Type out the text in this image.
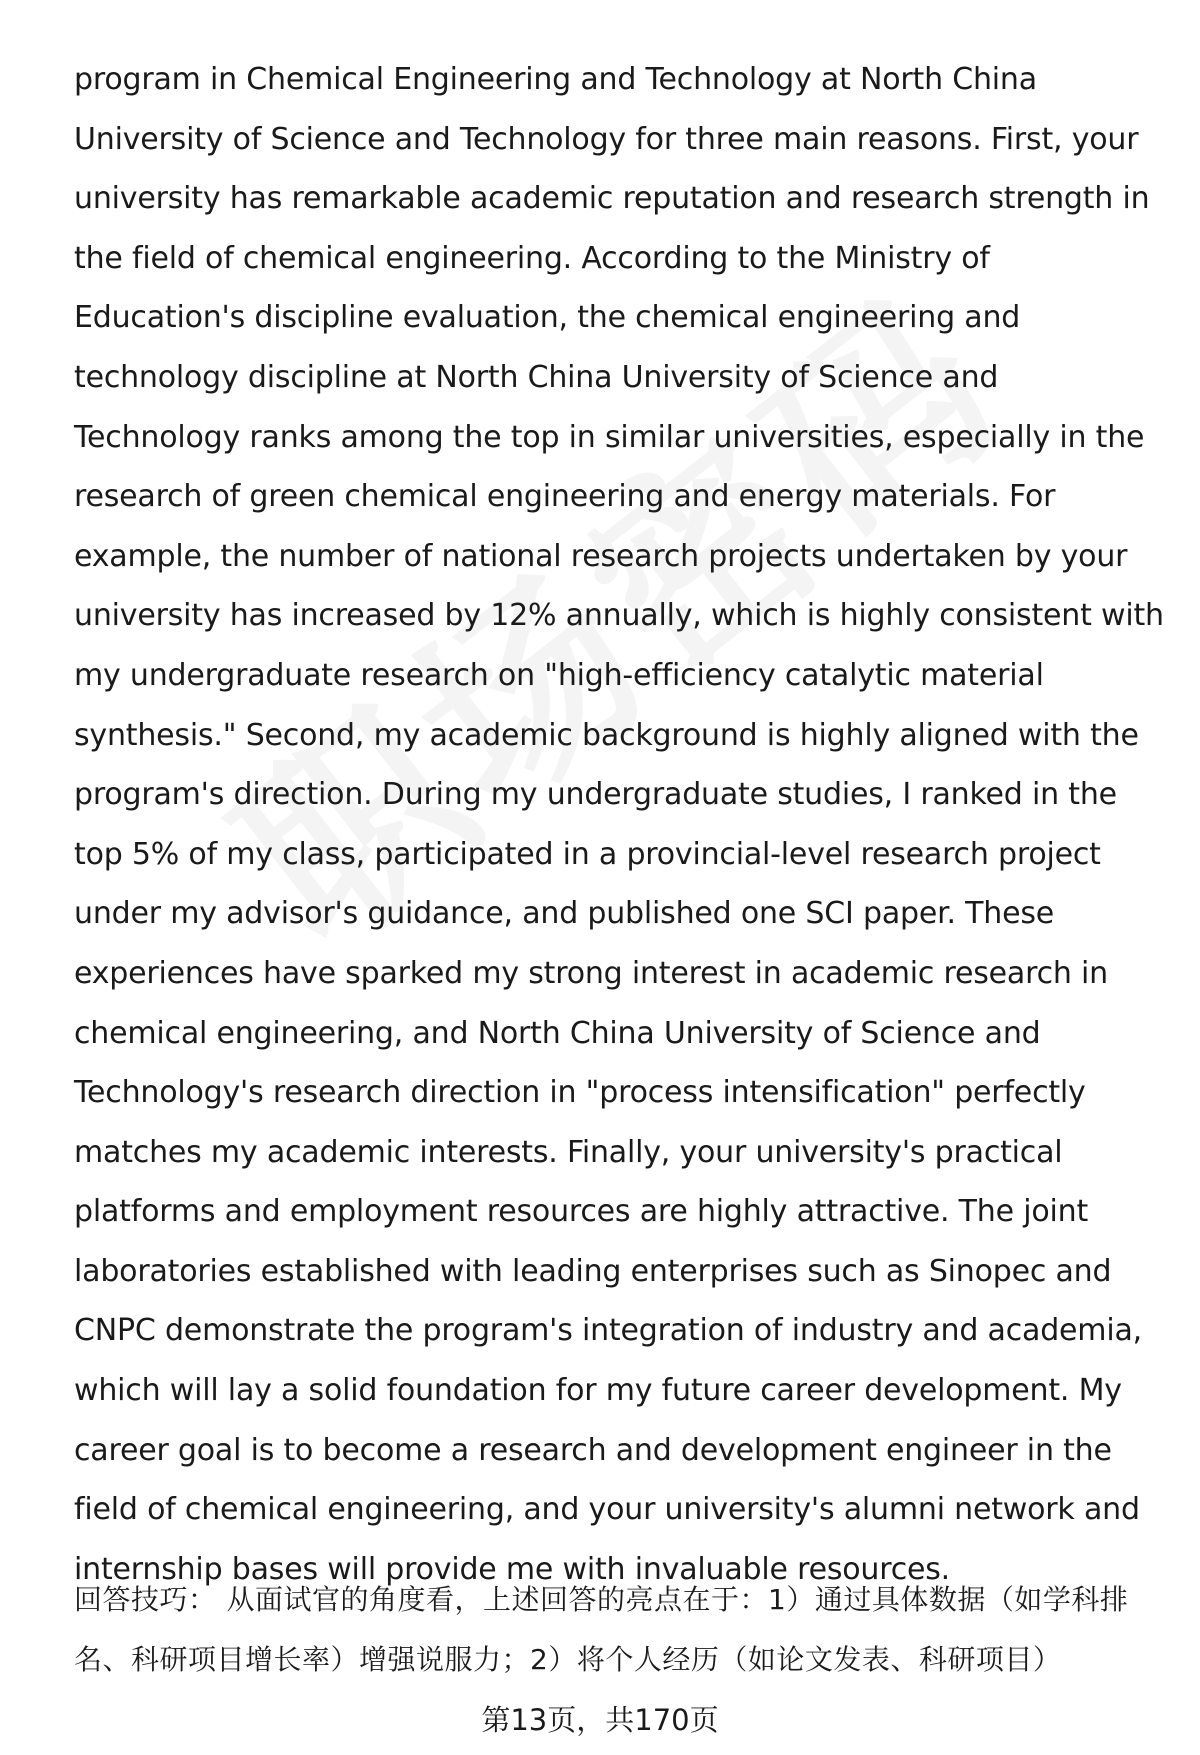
program in Chemical Engineering and Technology at North China University of Science and Technology for three main reasons. First, your university has remarkable academic reputation and research strength in the field of chemical engineering. According to the Ministry of Education's discipline evaluation, the chemical engineering and technology discipline at North China University of Science and Technology ranks among the top in similar universities, especially in the research of green chemical engineering and energy materials. For example, the number of national research projects undertaken by your university has increased by 12% annually, which is highly consistent with my undergraduate research on "high-efficiency catalytic material synthesis." Second, my academic background is highly aligned with the program's direction. During my undergraduate studies, I ranked in the top 5% of my class, participated in a provincial-level research project under my advisor's guidance, and published one SCI paper. These experiences have sparked my strong interest in academic research in chemical engineering, and North China University of Science and Technology's research direction in "process intensification" perfectly matches my academic interests. Finally, your university's practical platforms and employment resources are highly attractive. The joint laboratories established with leading enterprises such as Sinopec and CNPC demonstrate the program's integration of industry and academia, which will lay a solid foundation for my future career development. My career goal is to become a research and development engineer in the field of chemical engineering, and your university's alumni network and internship bases will provide me with invaluable resources.

回答技巧： 从面试官的角度看，上述回答的亮点在于：1）通过具体数据（如学科排名、科研项目增长率）增强说服力；2）将个人经历（如论文发表、科研项目）

第13页，共170页
